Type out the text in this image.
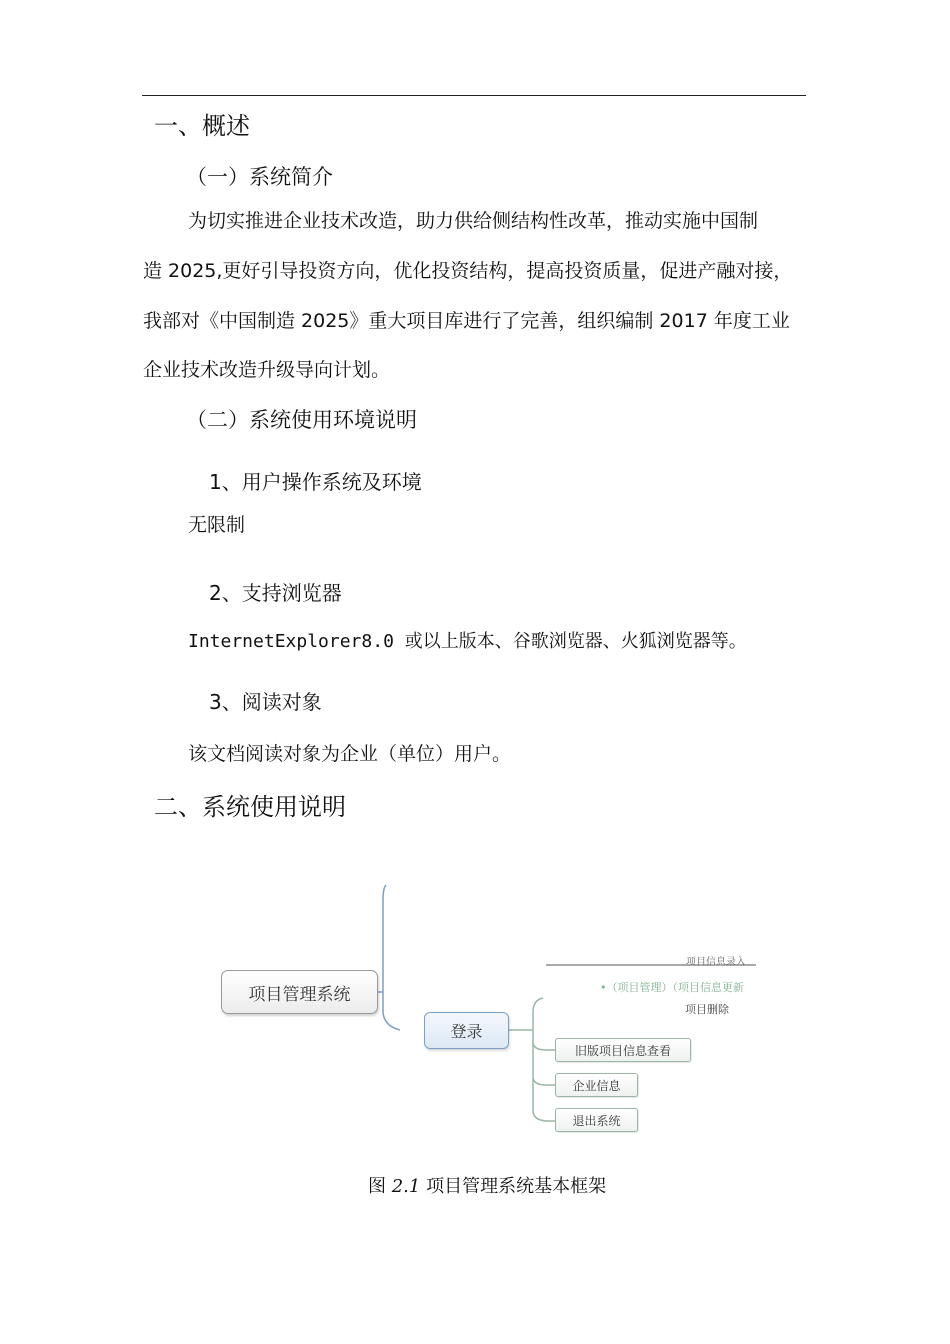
一、概述
（一）系统简介
为切实推进企业技术改造，助力供给侧结构性改革，推动实施中国制
造 2025,更好引导投资方向，优化投资结构，提高投资质量，促进产融对接，
我部对《中国制造 2025》重大项目库进行了完善，组织编制 2017 年度工业
企业技术改造升级导向计划。
（二）系统使用环境说明
1、用户操作系统及环境
无限制
2、支持浏览器
InternetExplorer8.0 或以上版本、谷歌浏览器、火狐浏览器等。
3、阅读对象
该文档阅读对象为企业（单位）用户。
二、系统使用说明
项目管理系统
登录
项目信息录入
•（项目管理）（项目信息更新
项目删除
旧版项目信息查看
企业信息
退出系统
图 2.1 项目管理系统基本框架
